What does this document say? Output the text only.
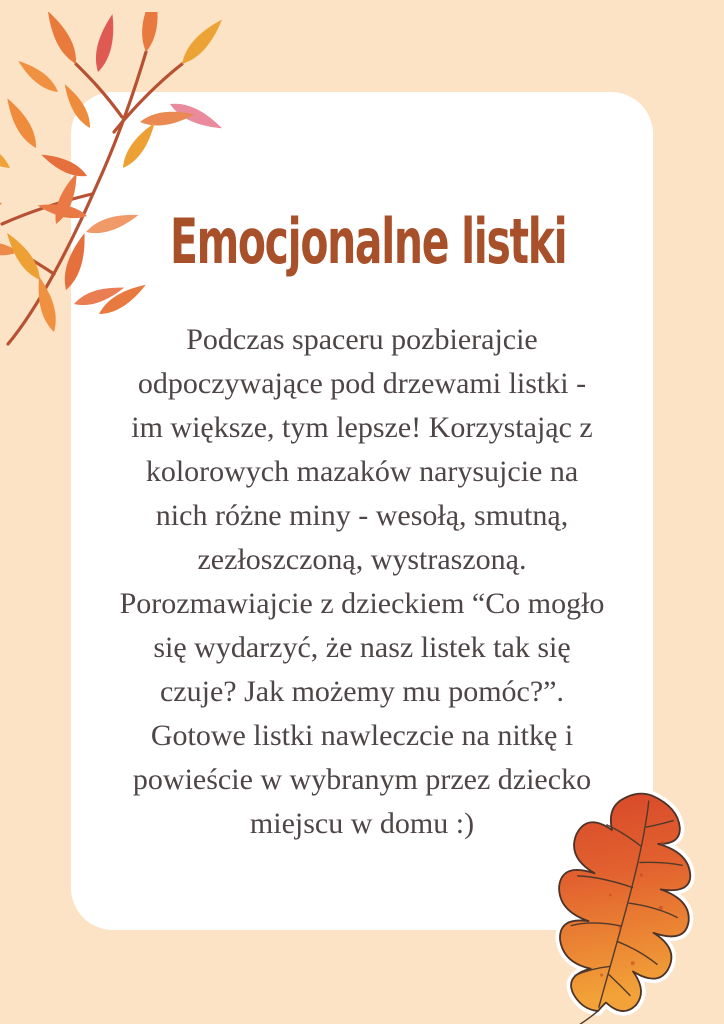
Emocjonalne listki
Podczas spaceru pozbierajcie
odpoczywające pod drzewami listki -
im większe, tym lepsze! Korzystając z
kolorowych mazaków narysujcie na
nich różne miny - wesołą, smutną,
zezłoszczoną, wystraszoną.
Porozmawiajcie z dzieckiem “Co mogło
się wydarzyć, że nasz listek tak się
czuje? Jak możemy mu pomóc?”.
Gotowe listki nawleczcie na nitkę i
powieście w wybranym przez dziecko
miejscu w domu :)
